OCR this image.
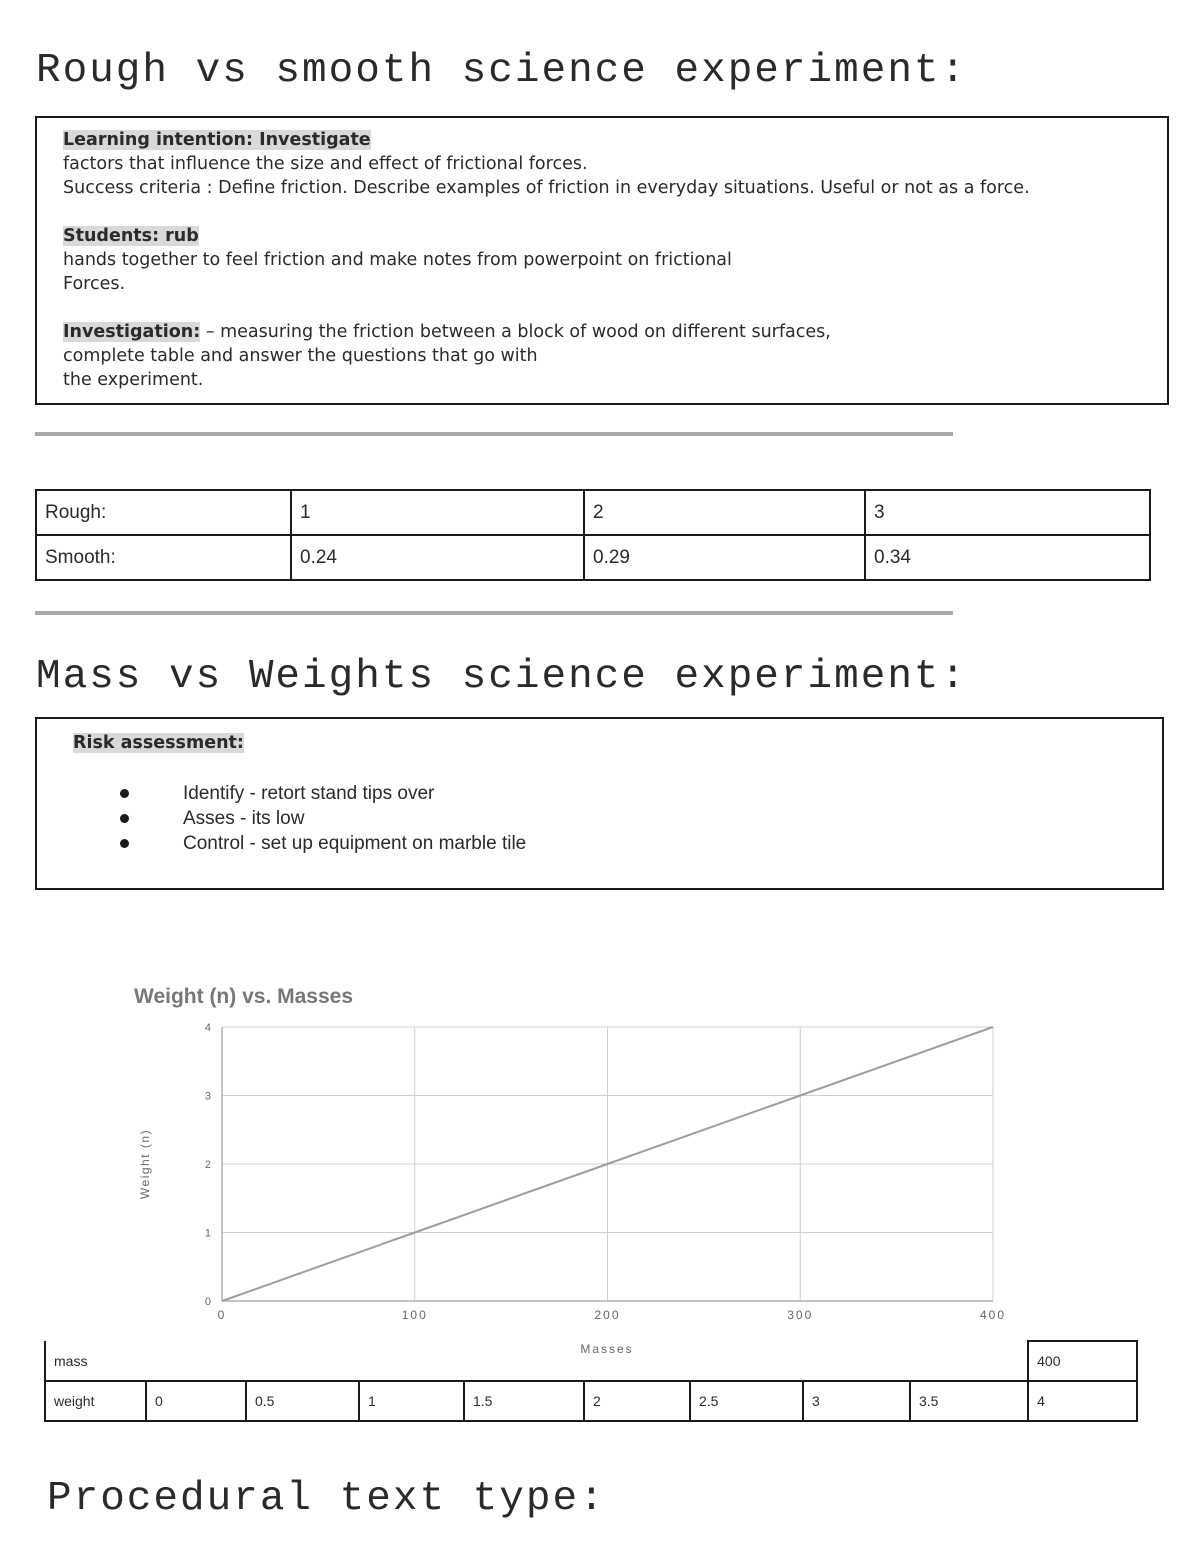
Rough vs smooth science experiment:

Learning intention: Investigate

factors that influence the size and effect of frictional forces.

Success criteria : Define friction. Describe examples of friction in everyday situations. Useful or not as a force.

Students: rub

hands together to feel friction and make notes from powerpoint on frictional

Forces.

Investigation: – measuring the friction between a block of wood on different surfaces,

complete table and answer the questions that go with

the experiment.

Rough:	1	2	3
Smooth:	0.24	0.29	0.34
Mass vs Weights science experiment:
Risk assessment:
Identify - retort stand tips over
Asses - its low
Control - set up equipment on marble tile
Weight (n) vs. Masses
0
1
2
3
4
0	100	200	300	400
Masses
Weight (n)
mass									400
weight	0	0.5	1	1.5	2	2.5	3	3.5	4
Procedural text type:
